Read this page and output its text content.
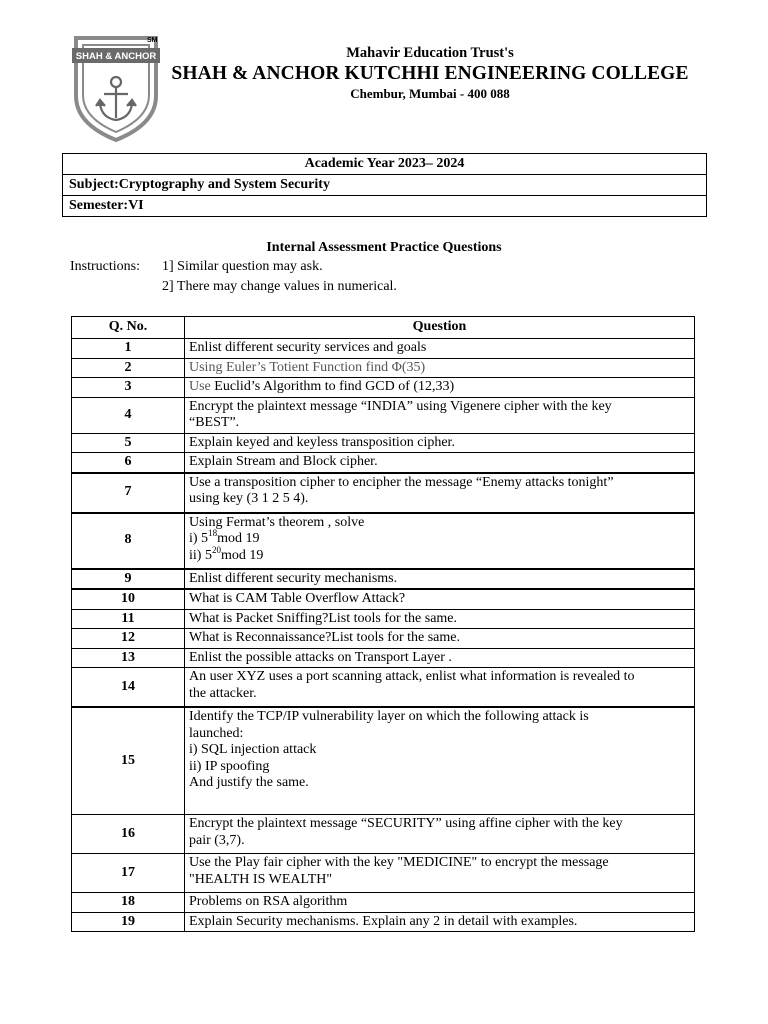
SHAH & ANCHOR
SM
Mahavir Education Trust's
SHAH & ANCHOR KUTCHHI ENGINEERING COLLEGE
Chembur, Mumbai - 400 088
Academic Year 2023– 2024
Subject:Cryptography and System Security
Semester:VI
Internal Assessment Practice Questions
Instructions: 1] Similar question may ask.
2] There may change values in numerical.
Q. No.	Question
1	Enlist different security services and goals
2	Using Euler’s Totient Function find Φ(35)
3	Use Euclid’s Algorithm to find GCD of (12,33)
4	Encrypt the plaintext message “INDIA” using Vigenere cipher with the key
“BEST”.
5	Explain keyed and keyless transposition cipher.
6	Explain Stream and Block cipher.
7	Use a transposition cipher to encipher the message “Enemy attacks tonight”
using key (3 1 2 5 4).
8	Using Fermat’s theorem , solve
i) $5^{18}mod$ 19
ii) $5^{20}mod$ 19
9	Enlist different security mechanisms.
10	What is CAM Table Overflow Attack?
11	What is Packet Sniffing?List tools for the same.
12	What is Reconnaissance?List tools for the same.
13	Enlist the possible attacks on Transport Layer .
14	An user XYZ uses a port scanning attack, enlist what information is revealed to
the attacker.
15	Identify the TCP/IP vulnerability layer on which the following attack is
launched:
i) SQL injection attack
ii) IP spoofing
And justify the same.
16	Encrypt the plaintext message “SECURITY” using affine cipher with the key
pair (3,7).
17	Use the Play fair cipher with the key "MEDICINE" to encrypt the message
"HEALTH IS WEALTH"
18	Problems on RSA algorithm
19	Explain Security mechanisms. Explain any 2 in detail with examples.
